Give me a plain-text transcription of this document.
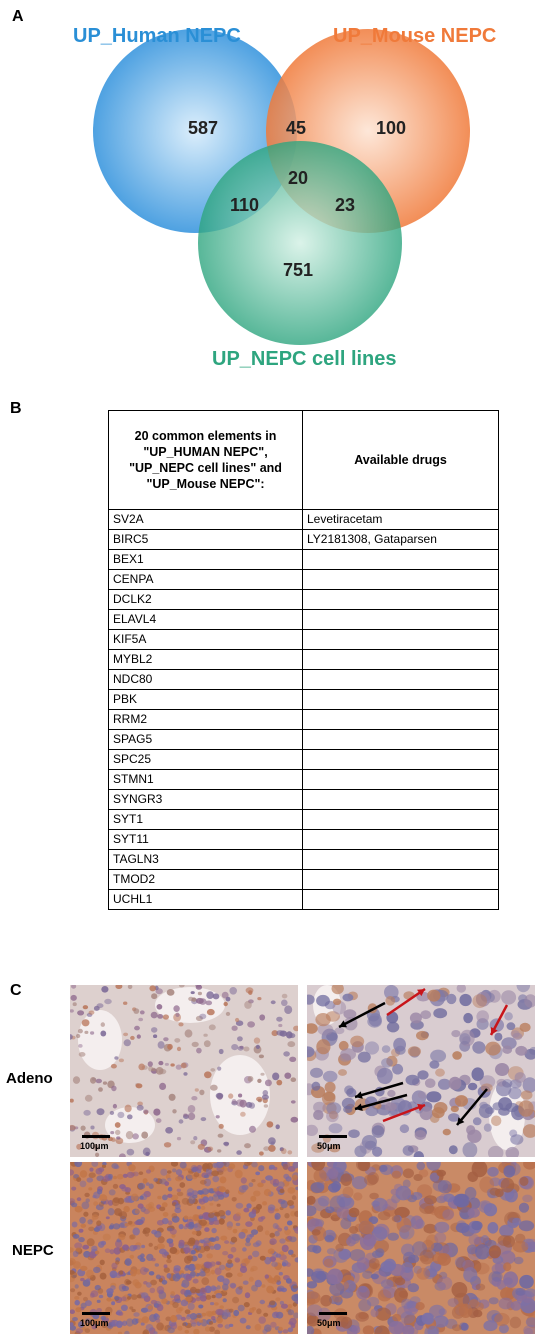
A
B
C
UP_Human NEPC	UP_Mouse NEPC
UP_NEPC cell lines
587	45	100
20
110	23
751
20 common elements in "UP_HUMAN NEPC", "UP_NEPC cell lines" and "UP_Mouse NEPC":	Available drugs
SV2A	Levetiracetam
BIRC5	LY2181308, Gataparsen
BEX1	
CENPA	
DCLK2	
ELAVL4	
KIF5A	
MYBL2	
NDC80	
PBK	
RRM2	
SPAG5	
SPC25	
STMN1	
SYNGR3	
SYT1	
SYT11	
TAGLN3	
TMOD2	
UCHL1	
Adeno
NEPC
100μm	50μm
100μm	50μm
